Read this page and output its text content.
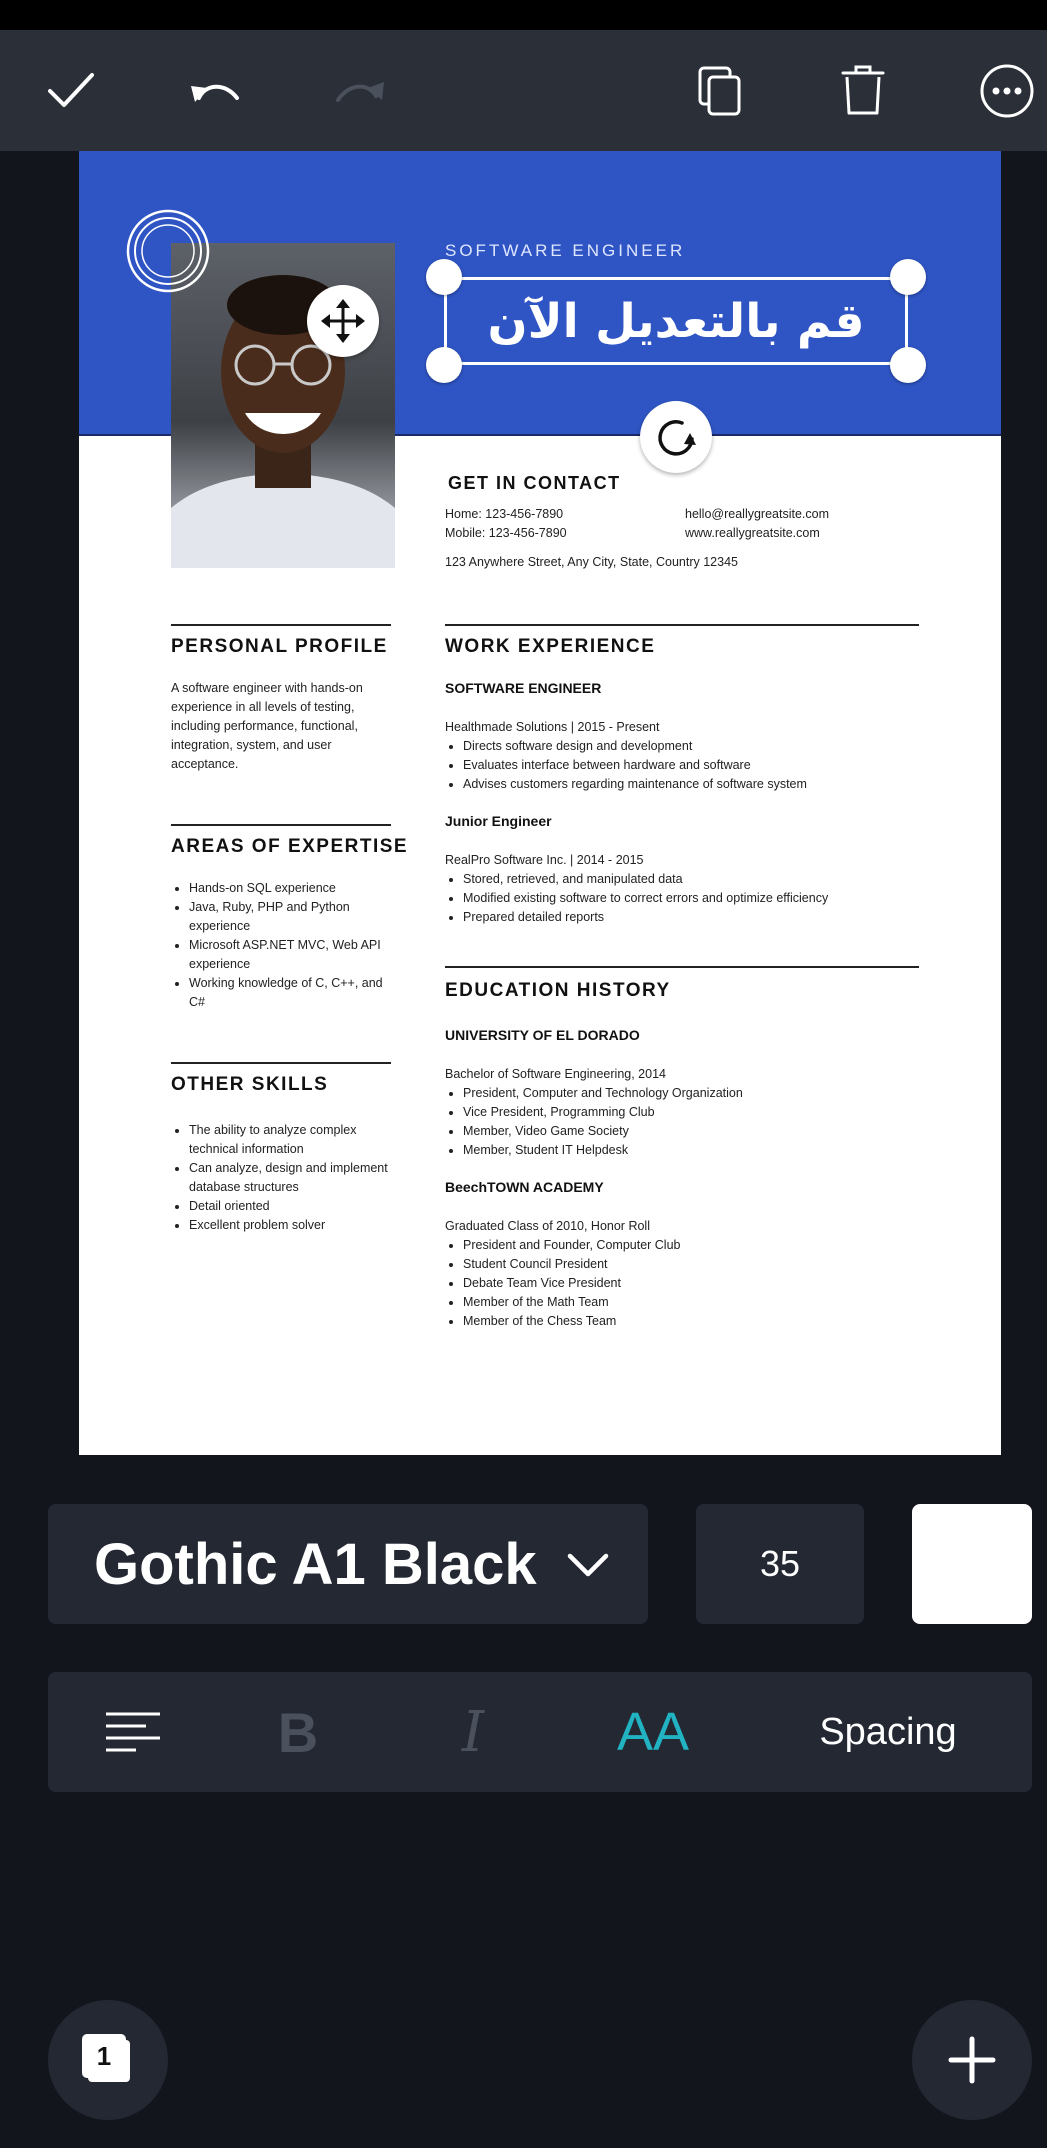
SOFTWARE ENGINEER
قم بالتعديل الآن
GET IN CONTACT
Home: 123-456-7890
Mobile: 123-456-7890
hello@reallygreatsite.com
www.reallygreatsite.com
123 Anywhere Street, Any City, State, Country 12345
PERSONAL PROFILE
A software engineer with hands-on experience in all levels of testing, including performance, functional, integration, system, and user acceptance.
AREAS OF EXPERTISE
• Hands-on SQL experience
• Java, Ruby, PHP and Python experience
• Microsoft ASP.NET MVC, Web API experience
• Working knowledge of C, C++, and C#
OTHER SKILLS
• The ability to analyze complex technical information
• Can analyze, design and implement database structures
• Detail oriented
• Excellent problem solver
WORK EXPERIENCE
SOFTWARE ENGINEER
Healthmade Solutions | 2015 - Present
• Directs software design and development
• Evaluates interface between hardware and software
• Advises customers regarding maintenance of software system
Junior Engineer
RealPro Software Inc. | 2014 - 2015
• Stored, retrieved, and manipulated data
• Modified existing software to correct errors and optimize efficiency
• Prepared detailed reports
EDUCATION HISTORY
UNIVERSITY OF EL DORADO
Bachelor of Software Engineering, 2014
• President, Computer and Technology Organization
• Vice President, Programming Club
• Member, Video Game Society
• Member, Student IT Helpdesk
BeechTOWN ACADEMY
Graduated Class of 2010, Honor Roll
• President and Founder, Computer Club
• Student Council President
• Debate Team Vice President
• Member of the Math Team
• Member of the Chess Team
Gothic A1 Black	35
B	I	AA	Spacing
1
